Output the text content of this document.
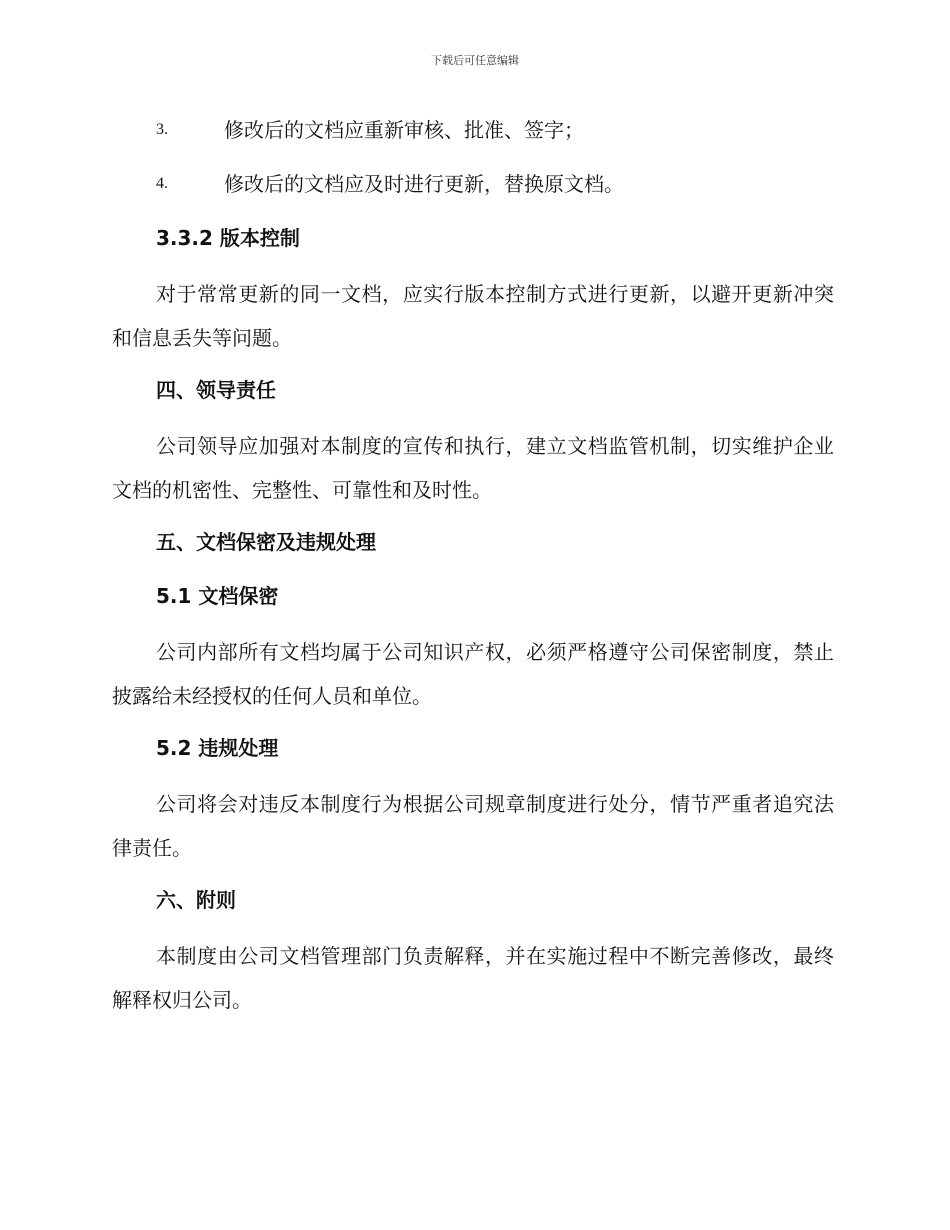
下载后可任意编辑
3.	修改后的文档应重新审核、批准、签字；
4.	修改后的文档应及时进行更新，替换原文档。
3.3.2 版本控制

对于常常更新的同一文档，应实行版本控制方式进行更新，以避开更新冲突和信息丢失等问题。

四、领导责任

公司领导应加强对本制度的宣传和执行，建立文档监管机制，切实维护企业文档的机密性、完整性、可靠性和及时性。

五、文档保密及违规处理
5.1 文档保密

公司内部所有文档均属于公司知识产权，必须严格遵守公司保密制度，禁止披露给未经授权的任何人员和单位。

5.2 违规处理

公司将会对违反本制度行为根据公司规章制度进行处分，情节严重者追究法律责任。

六、附则

本制度由公司文档管理部门负责解释，并在实施过程中不断完善修改，最终解释权归公司。
